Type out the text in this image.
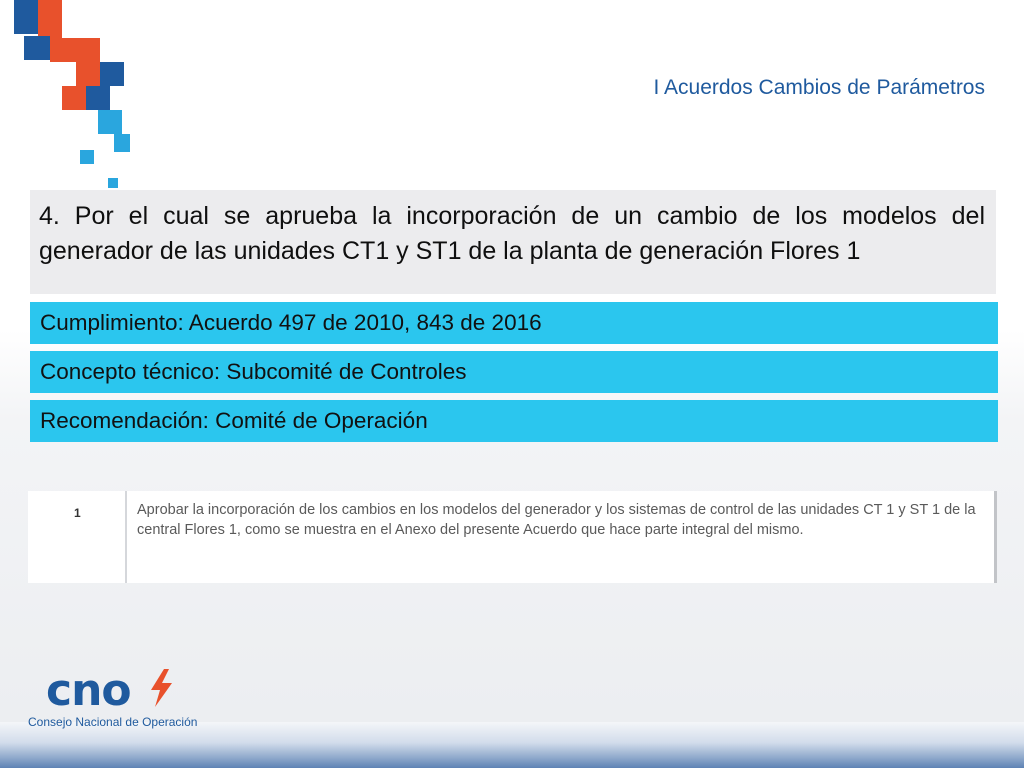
I Acuerdos Cambios de Parámetros
4. Por el cual se aprueba la incorporación de un cambio de los modelos del generador de las unidades CT1 y ST1 de la planta de generación Flores 1
Cumplimiento: Acuerdo 497 de 2010, 843 de 2016
Concepto técnico: Subcomité de Controles
Recomendación: Comité de Operación
1	Aprobar la incorporación de los cambios en los modelos del generador y los sistemas de control de las unidades CT 1 y ST 1 de la central Flores 1, como se muestra en el Anexo del presente Acuerdo que hace parte integral del mismo.
cno
Consejo Nacional de Operación
